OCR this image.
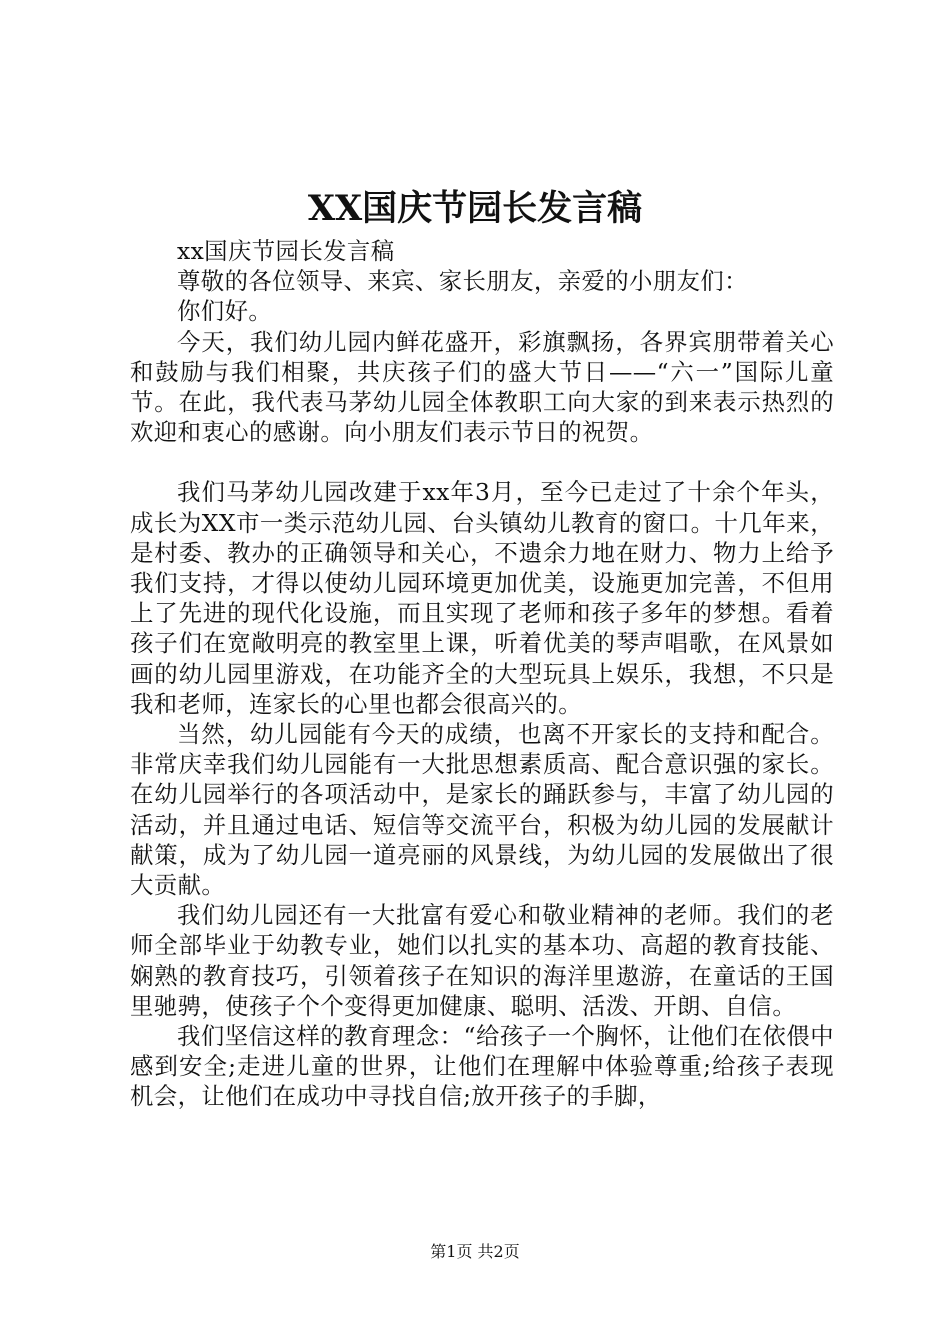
XX国庆节园长发言稿

xx国庆节园长发言稿

尊敬的各位领导、来宾、家长朋友，亲爱的小朋友们：

你们好。

今天，我们幼儿园内鲜花盛开，彩旗飘扬，各界宾朋带着关心和鼓励与我们相聚，共庆孩子们的盛大节日——“六一”国际儿童节。在此，我代表马茅幼儿园全体教职工向大家的到来表示热烈的欢迎和衷心的感谢。向小朋友们表示节日的祝贺。

我们马茅幼儿园改建于xx年3月，至今已走过了十余个年头，成长为XX市一类示范幼儿园、台头镇幼儿教育的窗口。十几年来，是村委、教办的正确领导和关心，不遗余力地在财力、物力上给予我们支持，才得以使幼儿园环境更加优美，设施更加完善，不但用上了先进的现代化设施，而且实现了老师和孩子多年的梦想。看着孩子们在宽敞明亮的教室里上课，听着优美的琴声唱歌，在风景如画的幼儿园里游戏，在功能齐全的大型玩具上娱乐，我想，不只是我和老师，连家长的心里也都会很高兴的。

当然，幼儿园能有今天的成绩，也离不开家长的支持和配合。非常庆幸我们幼儿园能有一大批思想素质高、配合意识强的家长。在幼儿园举行的各项活动中，是家长的踊跃参与，丰富了幼儿园的活动，并且通过电话、短信等交流平台，积极为幼儿园的发展献计献策，成为了幼儿园一道亮丽的风景线，为幼儿园的发展做出了很大贡献。

我们幼儿园还有一大批富有爱心和敬业精神的老师。我们的老师全部毕业于幼教专业，她们以扎实的基本功、高超的教育技能、娴熟的教育技巧，引领着孩子在知识的海洋里遨游，在童话的王国里驰骋，使孩子个个变得更加健康、聪明、活泼、开朗、自信。

我们坚信这样的教育理念：“给孩子一个胸怀，让他们在依偎中感到安全;走进儿童的世界，让他们在理解中体验尊重;给孩子表现机会，让他们在成功中寻找自信;放开孩子的手脚，

第1页 共2页
